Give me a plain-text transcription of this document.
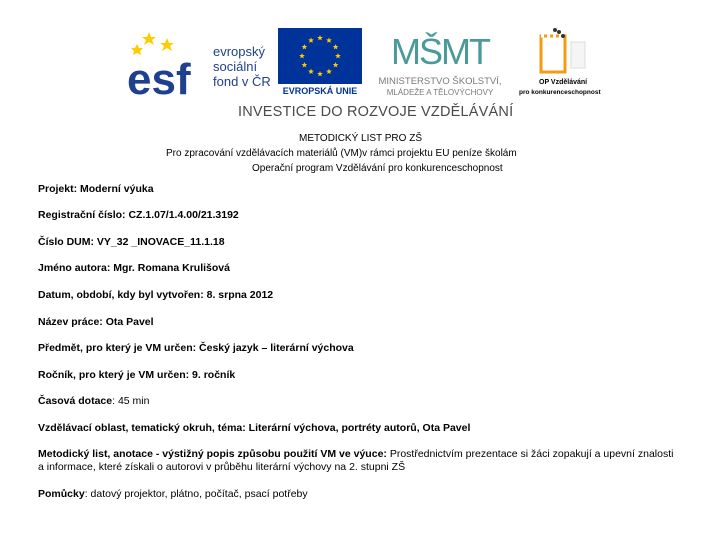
esf
evropský
sociální
fond v ČR
EVROPSKÁ UNIE
MŠMT
MINISTERSTVO ŠKOLSTVÍ,
MLÁDEŽE A TĚLOVÝCHOVY
OP Vzdělávání
pro konkurenceschopnost
INVESTICE DO ROZVOJE VZDĚLÁVÁNÍ
METODICKÝ LIST PRO ZŠ
Pro zpracování vzdělávacích materiálů (VM)v rámci projektu EU peníze školám
Operační program Vzdělávání pro konkurenceschopnost
Projekt: Moderní výuka
Registrační číslo: CZ.1.07/1.4.00/21.3192
Číslo DUM: VY_32 _INOVACE_11.1.18
Jméno autora: Mgr. Romana Krulišová
Datum, období, kdy byl vytvořen: 8. srpna 2012
Název práce: Ota Pavel
Předmět, pro který je VM určen: Český jazyk – literární výchova
Ročník, pro který je VM určen: 9. ročník
Časová dotace: 45 min
Vzdělávací oblast, tematický okruh, téma: Literární výchova, portréty autorů, Ota Pavel
Metodický list, anotace - výstižný popis způsobu použití VM ve výuce: Prostřednictvím prezentace si žáci zopakují a upevní znalosti a informace, které získali o autorovi v průběhu literární výchovy na 2. stupni ZŠ
Pomůcky: datový projektor, plátno, počítač, psací potřeby
